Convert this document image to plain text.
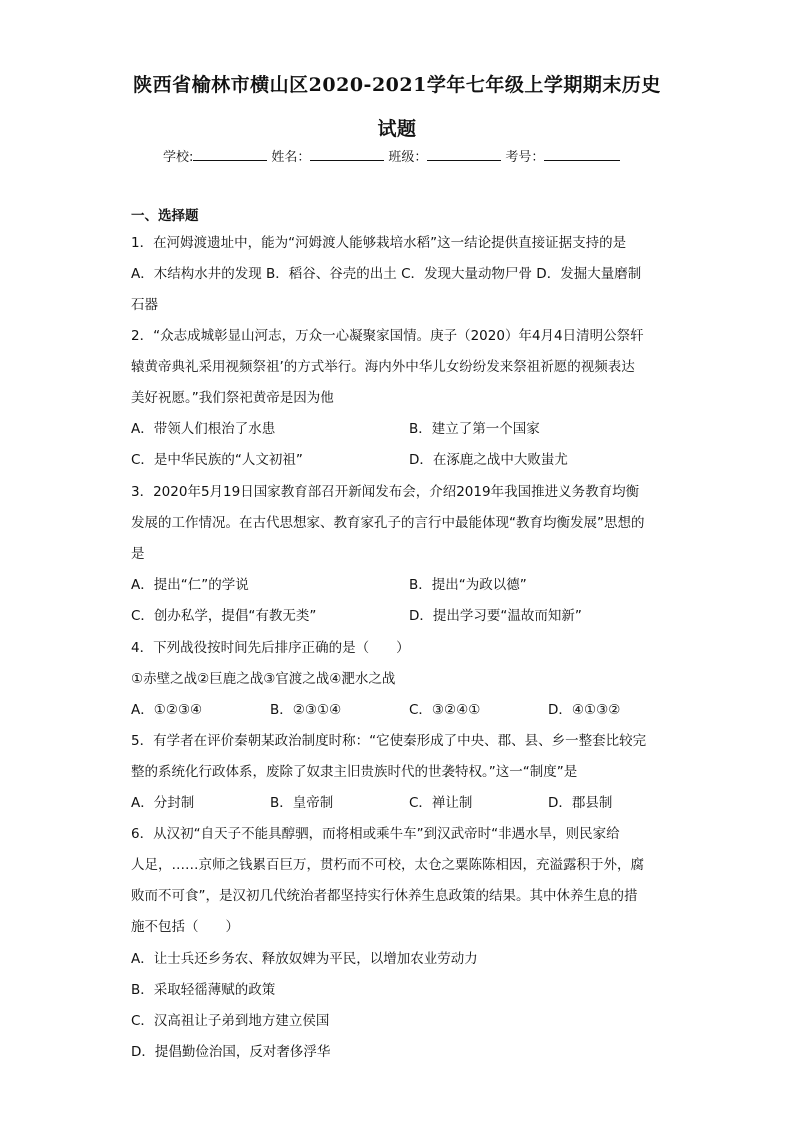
陕西省榆林市横山区2020-2021学年七年级上学期期末历史
试题
学校:	姓名：	班级：	考号：
一、选择题
1．在河姆渡遗址中，能为“河姆渡人能够栽培水稻”这一结论提供直接证据支持的是
A．木结构水井的发现 B．稻谷、谷壳的出土 C．发现大量动物尸骨 D．发掘大量磨制
石器
2．“众志成城彰显山河志，万众一心凝聚家国情。庚子（2020）年4月4日清明公祭轩
辕黄帝典礼采用视频祭祖’的方式举行。海内外中华儿女纷纷发来祭祖祈愿的视频表达
美好祝愿。”我们祭祀黄帝是因为他
A．带领人们根治了水患	B．建立了第一个国家
C．是中华民族的“人文初祖”	D．在涿鹿之战中大败蚩尤
3．2020年5月19日国家教育部召开新闻发布会，介绍2019年我国推进义务教育均衡
发展的工作情况。在古代思想家、教育家孔子的言行中最能体现“教育均衡发展”思想的
是
A．提出“仁”的学说	B．提出“为政以德”
C．创办私学，提倡“有教无类”	D．提出学习要“温故而知新”
4．下列战役按时间先后排序正确的是（　　）
①赤壁之战②巨鹿之战③官渡之战④淝水之战
A．①②③④	B．②③①④	C．③②④①	D．④①③②
5．有学者在评价秦朝某政治制度时称：“它使秦形成了中央、郡、县、乡一整套比较完
整的系统化行政体系，废除了奴隶主旧贵族时代的世袭特权。”这一“制度”是
A．分封制	B．皇帝制	C．禅让制	D．郡县制
6．从汉初“自天子不能具醇驷，而将相或乘牛车”到汉武帝时“非遇水旱，则民家给
人足，……京师之钱累百巨万，贯朽而不可校，太仓之粟陈陈相因，充溢露积于外，腐
败而不可食”，是汉初几代统治者都坚持实行休养生息政策的结果。其中休养生息的措
施不包括（　　）
A．让士兵还乡务农、释放奴婢为平民，以增加农业劳动力
B．采取轻徭薄赋的政策
C．汉高祖让子弟到地方建立侯国
D．提倡勤俭治国，反对奢侈浮华
